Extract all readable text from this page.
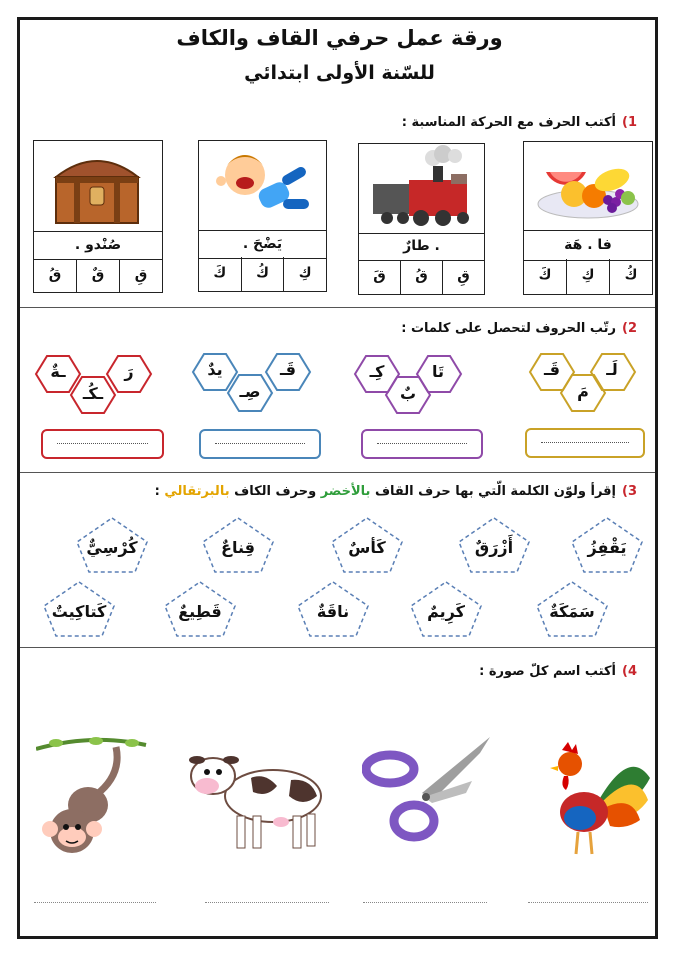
ورقة عمل حرفي القاف والكاف
للسّنة الأولى ابتدائي
1)أكتب الحرف مع الحركة المناسبة :
فا . هَة
كَ	كِ	كُ
. طارٌ
قَ	قُ	قِ
يَضْحَ .
كَ	كُ	كِ
صُنْدو .
قُ	قٌ	قِ
2)رتّب الحروف لتحصل على كلمات :
لَـ
قَـ
مَ
تَا
كِـ
بٌ
قَـ
صِـ
يدٌ
رَ
ـةٌ
ـكُـ
3)إقرأ ولوّن الكلمة الّتي بها حرف القاف بالأخضر وحرف الكاف بالبرتقالي :
يَقْفِزُ
أَزْرَقٌ
كَأسٌ
قِناعٌ
كُرْسِيٌّ
سَمَكَةٌ
كَرِيمٌ
ناقَةٌ
قَطِيعٌ
كَتاكِيتٌ
4)أكتب اسم كلّ صورة :
